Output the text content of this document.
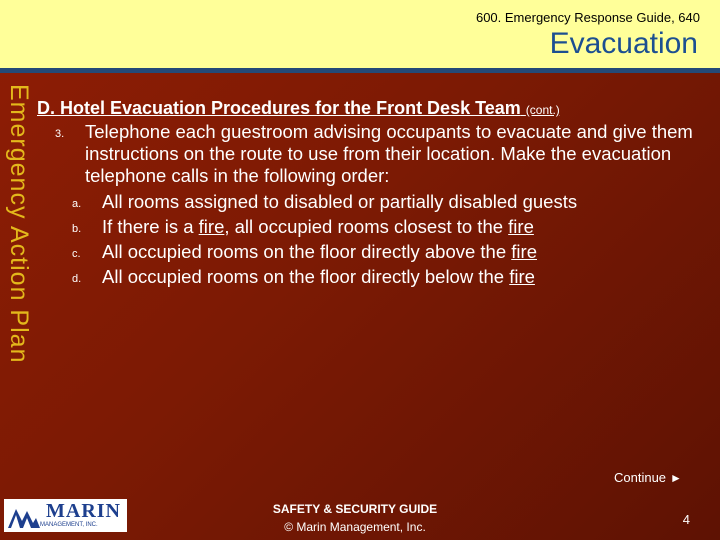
600. Emergency Response Guide, 640
Evacuation
Emergency Action Plan D. Hotel Evacuation Procedures for the Front Desk Team (cont.)

3.	Telephone each guestroom advising occupants to evacuate and give them instructions on the route to use from their location. Make the evacuation telephone calls in the following order:
a.	All rooms assigned to disabled or partially disabled guests
b.	If there is a fire, all occupied rooms closest to the fire
c.	All occupied rooms on the floor directly above the fire
d.	All occupied rooms on the floor directly below the fire
Continue ►
MARIN
MANAGEMENT, INC.
SAFETY & SECURITY GUIDE
© Marin Management, Inc.	4
